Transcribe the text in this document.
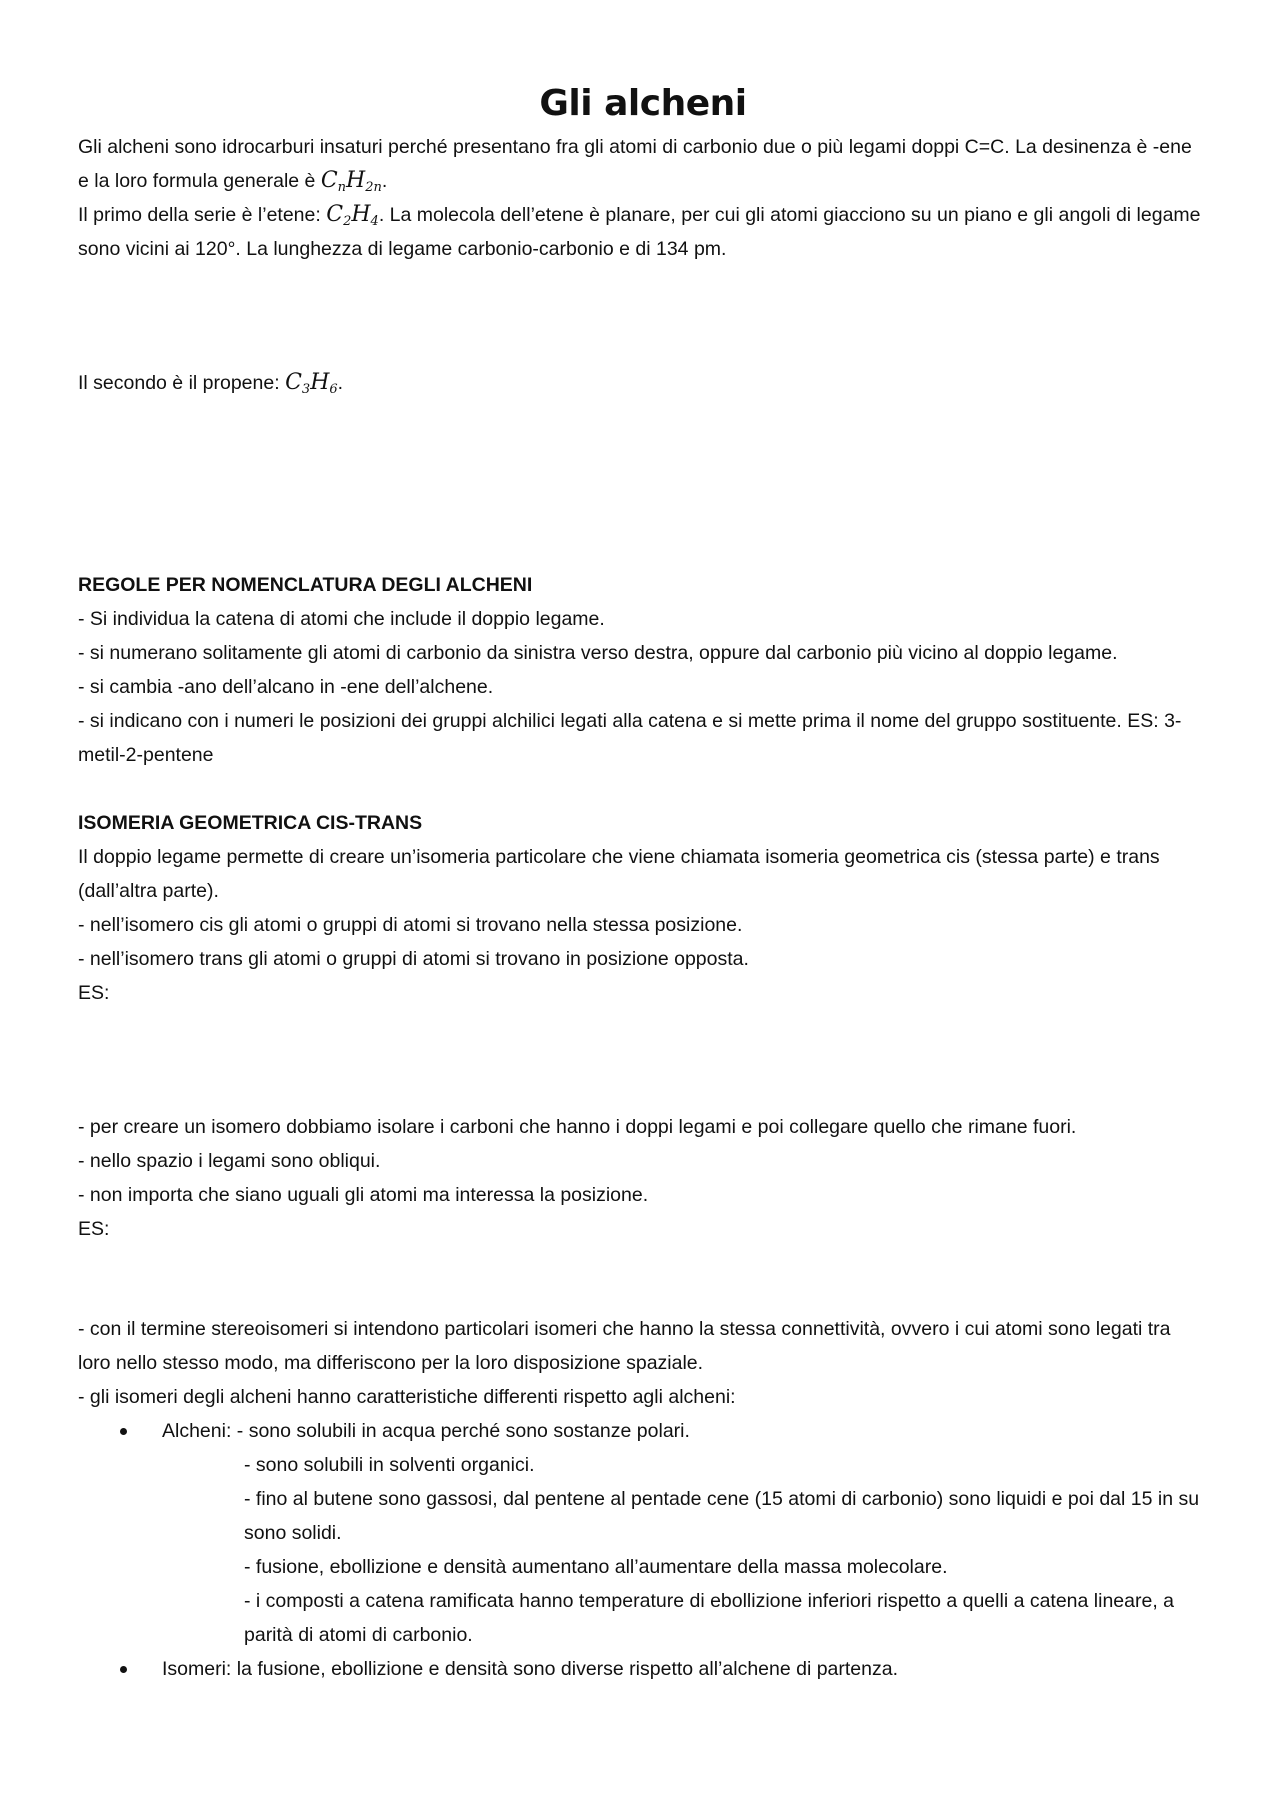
Gli alcheni

Gli alcheni sono idrocarburi insaturi perché presentano fra gli atomi di carbonio due o più legami doppi C=C. La desinenza è -ene e la loro formula generale è $C_nH_{2n}$.

Il primo della serie è l’etene: $C_2H_4$. La molecola dell’etene è planare, per cui gli atomi giacciono su un piano e gli angoli di legame sono vicini ai 120°. La lunghezza di legame carbonio-carbonio e di 134 pm.

Il secondo è il propene: $C_3H_6$.

REGOLE PER NOMENCLATURA DEGLI ALCHENI

- Si individua la catena di atomi che include il doppio legame.

- si numerano solitamente gli atomi di carbonio da sinistra verso destra, oppure dal carbonio più vicino al doppio legame.

- si cambia -ano dell’alcano in -ene dell’alchene.

- si indicano con i numeri le posizioni dei gruppi alchilici legati alla catena e si mette prima il nome del gruppo sostituente. ES: 3-metil-2-pentene

ISOMERIA GEOMETRICA CIS-TRANS

Il doppio legame permette di creare un’isomeria particolare che viene chiamata isomeria geometrica cis (stessa parte) e trans (dall’altra parte).

- nell’isomero cis gli atomi o gruppi di atomi si trovano nella stessa posizione.

- nell’isomero trans gli atomi o gruppi di atomi si trovano in posizione opposta.

ES:

- per creare un isomero dobbiamo isolare i carboni che hanno i doppi legami e poi collegare quello che rimane fuori.

- nello spazio i legami sono obliqui.

- non importa che siano uguali gli atomi ma interessa la posizione.

ES:

- con il termine stereoisomeri si intendono particolari isomeri che hanno la stessa connettività, ovvero i cui atomi sono legati tra loro nello stesso modo, ma differiscono per la loro disposizione spaziale.

- gli isomeri degli alcheni hanno caratteristiche differenti rispetto agli alcheni:

Alcheni: - sono solubili in acqua perché sono sostanze polari.

- sono solubili in solventi organici.

- fino al butene sono gassosi, dal pentene al pentade cene (15 atomi di carbonio) sono liquidi e poi dal 15 in su sono solidi.

- fusione, ebollizione e densità aumentano all’aumentare della massa molecolare.

- i composti a catena ramificata hanno temperature di ebollizione inferiori rispetto a quelli a catena lineare, a parità di atomi di carbonio.

Isomeri: la fusione, ebollizione e densità sono diverse rispetto all’alchene di partenza.
